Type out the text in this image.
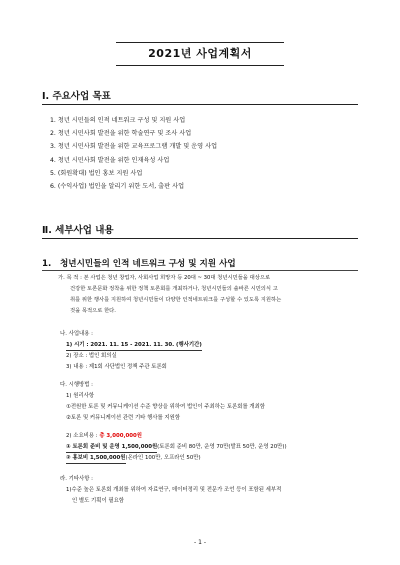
2021년 사업계획서
Ⅰ. 주요사업 목표
1. 청년 시민들의 인적 네트워크 구성 및 지원 사업
2. 청년 시민사회 발전을 위한 학술연구 및 조사 사업
3. 청년 시민사회 발전을 위한 교육프로그램 개발 및 운영 사업
4. 청년 시민사회 발전을 위한 인재육성 사업
5. (회원확대) 법인 홍보 지원 사업
6. (수익사업) 법인을 알리기 위한 도서, 출판 사업
Ⅱ. 세부사업 내용
1. 청년시민들의 인적 네트워크 구성 및 지원 사업
가. 목 적 : 본 사업은 청년 창업자, 사회사업 희망자 등 20대 ~ 30대 청년시민들을 대상으로
건강한 토론문화 정착을 위한 정책 토론회를 개최하거나, 청년시민들의 솔바른 시민의식 고
취를 위한 행사를 지원하여 청년시민들이 다양한 인적네트워크를 구성할 수 있도록 지원하는
것을 목적으로 한다.
나. 사업내용 :
1) 시기 : 2021. 11. 15 - 2021. 11. 30. (행사기간)
2) 장소 : 법인 회의실
3) 내용 : 제1회 사단법인 정책 주관 토론회
다. 시행방법 :
1) 원리사항
①전원한 토론 및 커뮤니케이션 수준 향상을 위하여 법인이 주최하는 토론회를 개최함
②토론 및 커뮤니케이션 관련 기타 행사를 지원함
2) 소요비용 : 총 3,000,000원
① 토론회 준비 및 운영 1,500,000원(토론회 준비 80만, 운영 70만(발표 50만, 운영 20만))
② 홍보비 1,500,000원(온라인 100만, 오프라인 50만)
라. 기타사항 :
1)수준 높은 토론회 개최를 위하여 자료연구, 데이터정리 및 전문가 조언 등이 포함된 세부적
인 별도 기획이 필요함
- 1 -
